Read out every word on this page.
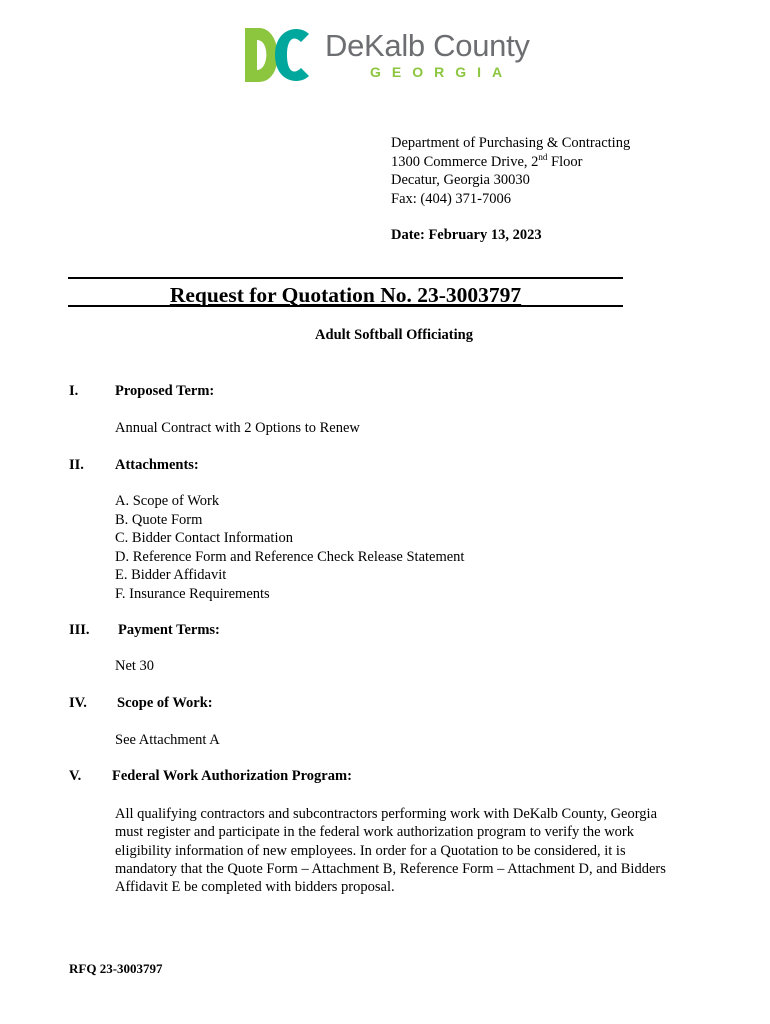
DeKalb County
GEORGIA
Department of Purchasing & Contracting
1300 Commerce Drive, 2nd Floor
Decatur, Georgia 30030
Fax: (404) 371-7006
Date: February 13, 2023
Request for Quotation No. 23-3003797
Adult Softball Officiating
I.	Proposed Term:
Annual Contract with 2 Options to Renew
II. Attachments:
A. Scope of Work
B. Quote Form
C. Bidder Contact Information
D. Reference Form and Reference Check Release Statement
E. Bidder Affidavit
F. Insurance Requirements
III. Payment Terms:
Net 30
IV. Scope of Work:
See Attachment A
V. Federal Work Authorization Program:
All qualifying contractors and subcontractors performing work with DeKalb County, Georgia
must register and participate in the federal work authorization program to verify the work
eligibility information of new employees. In order for a Quotation to be considered, it is
mandatory that the Quote Form – Attachment B, Reference Form – Attachment D, and Bidders
Affidavit E be completed with bidders proposal.
RFQ 23-3003797
